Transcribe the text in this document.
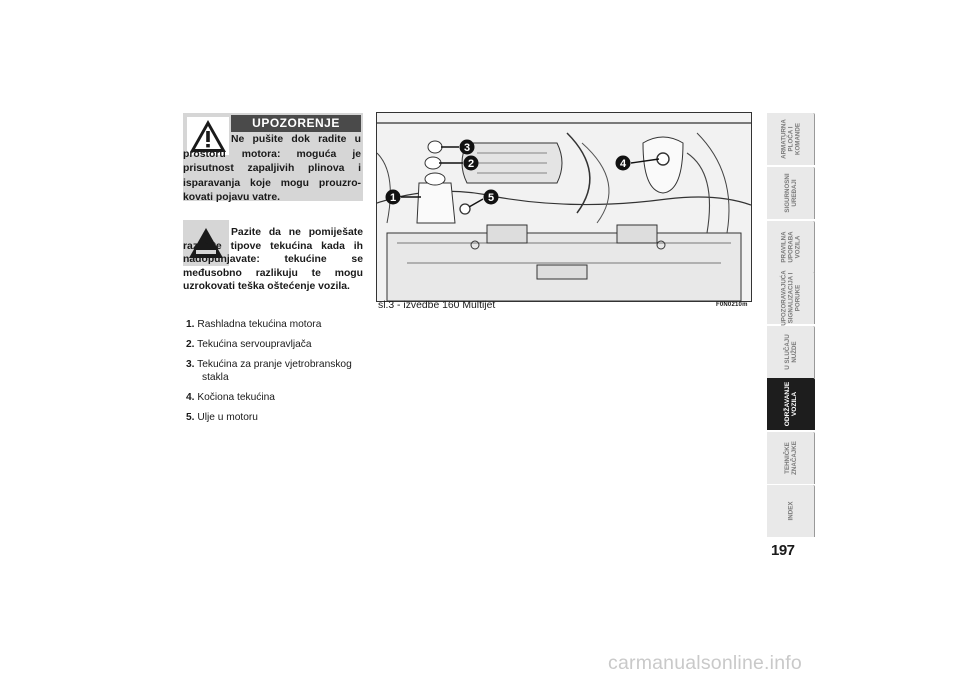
UPOZORENJE
Ne pušite dok radite u prostoru motora: moguća je prisutnost zapaljivih plinova i isparavanja koje mogu prouzro-kovati pojavu vatre.
Pazite da ne pomiješate različite tipove tekućina kada ih nadopunjavate: tekućine se međusobno razlikuju te mogu uzrokovati teška oštećenje vozila.
1. Rashladna tekućina motora
2. Tekućina servoupravljača
3. Tekućina za pranje vjetrobranskog
stakla
4. Kočiona tekućina
5. Ulje u motoru
1
2
3
4
5
sl.3 - izvedbe 160 Multijet	F0N0210m
ARMATURNA PLOČA I KOMANDE
SIGURNOSNI UREĐAJI
PRAVILNA UPORABA VOZILA
UPOZORAVAJUĆA SIGNALIZACIJA I PORUKE
U SLUČAJU NUŽDE
ODRŽAVANJE VOZILA
TEHNIČKE ZNAČAJKE
INDEX
197
carmanualsonline.info
